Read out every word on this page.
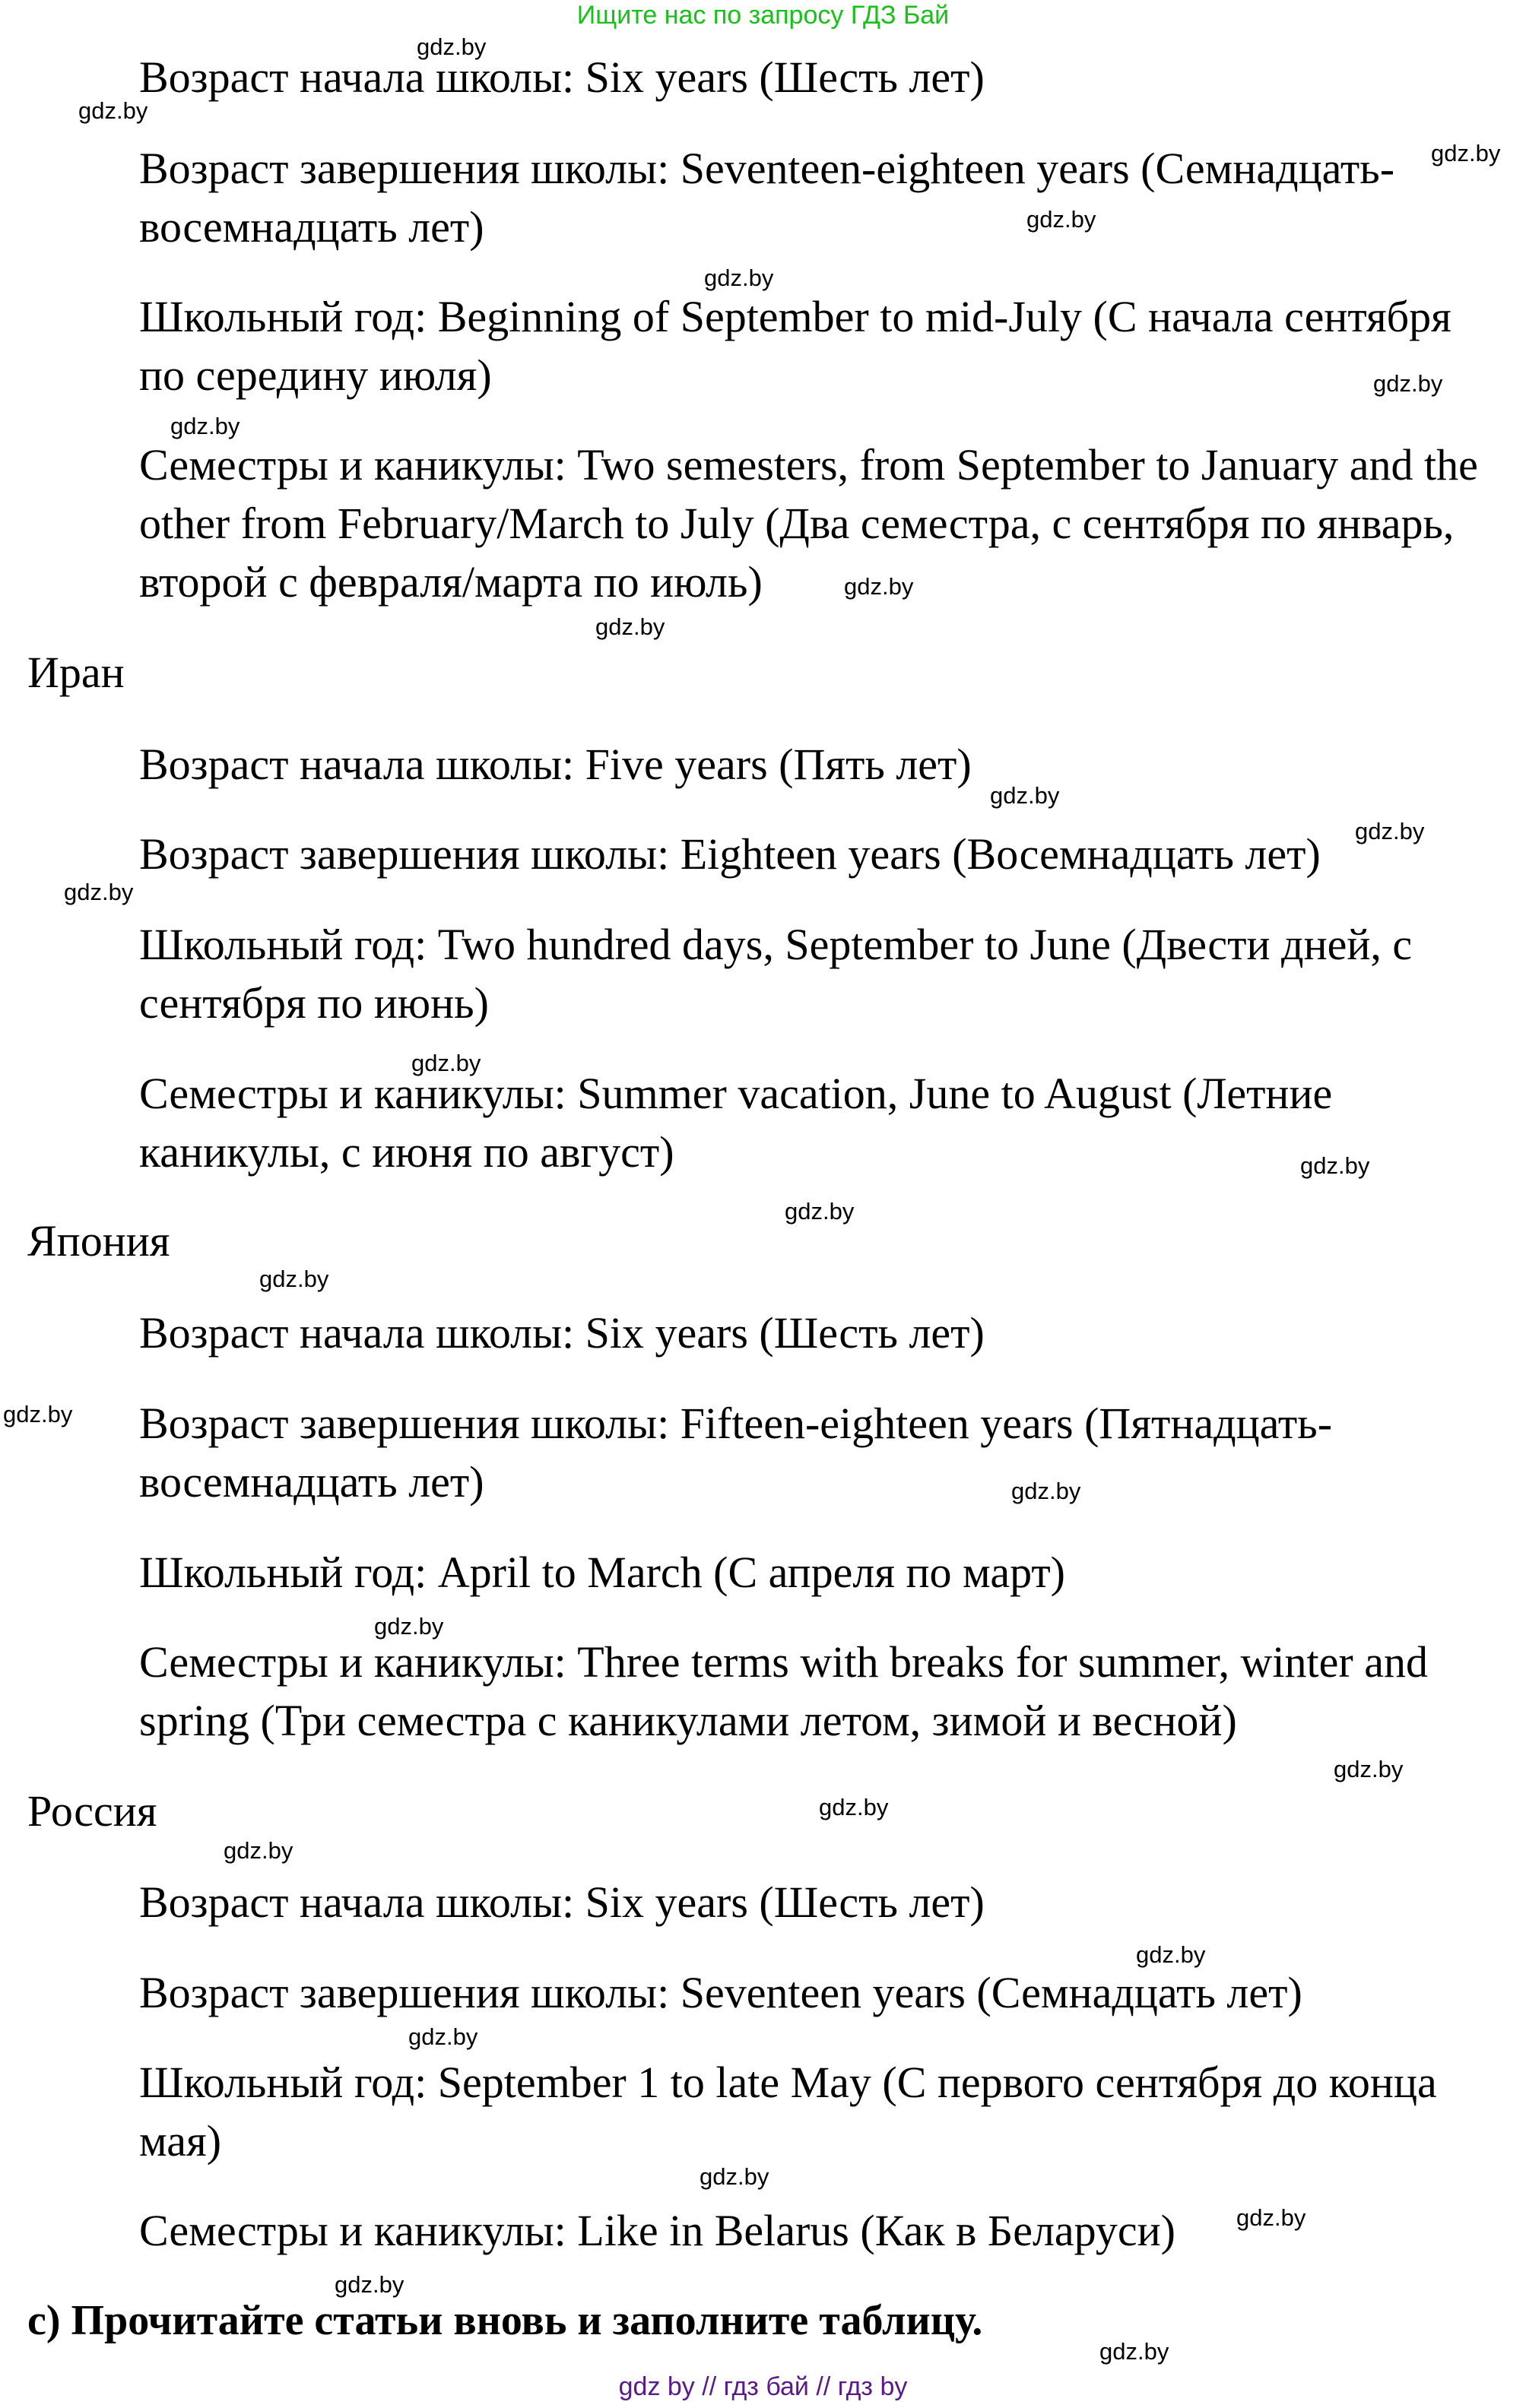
Ищите нас по запросу ГДЗ Бай
Возраст начала школы: Six years (Шесть лет)
Возраст завершения школы: Seventeen-eighteen years (Семнадцать-
восемнадцать лет)
Школьный год: Beginning of September to mid-July (С начала сентября
по середину июля)
Семестры и каникулы: Two semesters, from September to January and the
other from February/March to July (Два семестра, с сентября по январь,
второй с февраля/марта по июль)
Иран
Возраст начала школы: Five years (Пять лет)
Возраст завершения школы: Eighteen years (Восемнадцать лет)
Школьный год: Two hundred days, September to June (Двести дней, с
сентября по июнь)
Семестры и каникулы: Summer vacation, June to August (Летние
каникулы, с июня по август)
Япония
Возраст начала школы: Six years (Шесть лет)
Возраст завершения школы: Fifteen-eighteen years (Пятнадцать-
восемнадцать лет)
Школьный год: April to March (С апреля по март)
Семестры и каникулы: Three terms with breaks for summer, winter and
spring (Три семестра с каникулами летом, зимой и весной)
Россия
Возраст начала школы: Six years (Шесть лет)
Возраст завершения школы: Seventeen years (Семнадцать лет)
Школьный год: September 1 to late May (С первого сентября до конца
мая)
Семестры и каникулы: Like in Belarus (Как в Беларуси)
c) Прочитайте статьи вновь и заполните таблицу.
gdz.by
gdz.by
gdz.by
gdz.by
gdz.by
gdz.by
gdz.by
gdz.by
gdz.by
gdz.by
gdz.by
gdz.by
gdz.by
gdz.by
gdz.by
gdz.by
gdz.by
gdz.by
gdz.by
gdz.by
gdz.by
gdz.by
gdz.by
gdz.by
gdz.by
gdz.by
gdz.by
gdz.by
gdz by // гдз бай // гдз by
